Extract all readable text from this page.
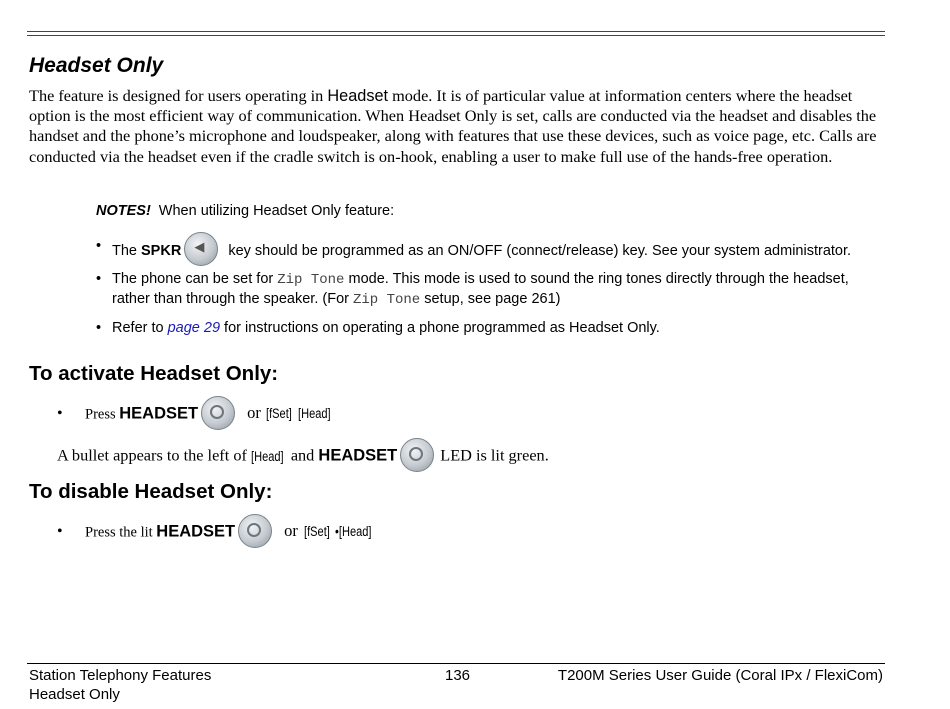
Headset Only
The feature is designed for users operating in Headset mode. It is of particular value at information centers where the headset option is the most efficient way of communication. When Headset Only is set, calls are conducted via the headset and disables the handset and the phone’s microphone and loudspeaker, along with features that use these devices, such as voice page, etc. Calls are conducted via the headset even if the cradle switch is on-hook, enabling a user to make full use of the hands-free operation.
NOTES! When utilizing Headset Only feature:
• The SPKR ◀ key should be programmed as an ON/OFF (connect/release) key. See your system administrator.
• The phone can be set for Zip Tone mode. This mode is used to sound the ring tones directly through the headset, rather than through the speaker. (For Zip Tone setup, see page 261)
• Refer to page 29 for instructions on operating a phone programmed as Headset Only.
To activate Headset Only:
• Press HEADSET	or [fSet] [Head]
A bullet appears to the left of [Head] and HEADSET	LED is lit green.
To disable Headset Only:
• Press the lit HEADSET	or [fSet] •[Head]
Station Telephony Features
Headset Only
136	T200M Series User Guide (Coral IPx / FlexiCom)
